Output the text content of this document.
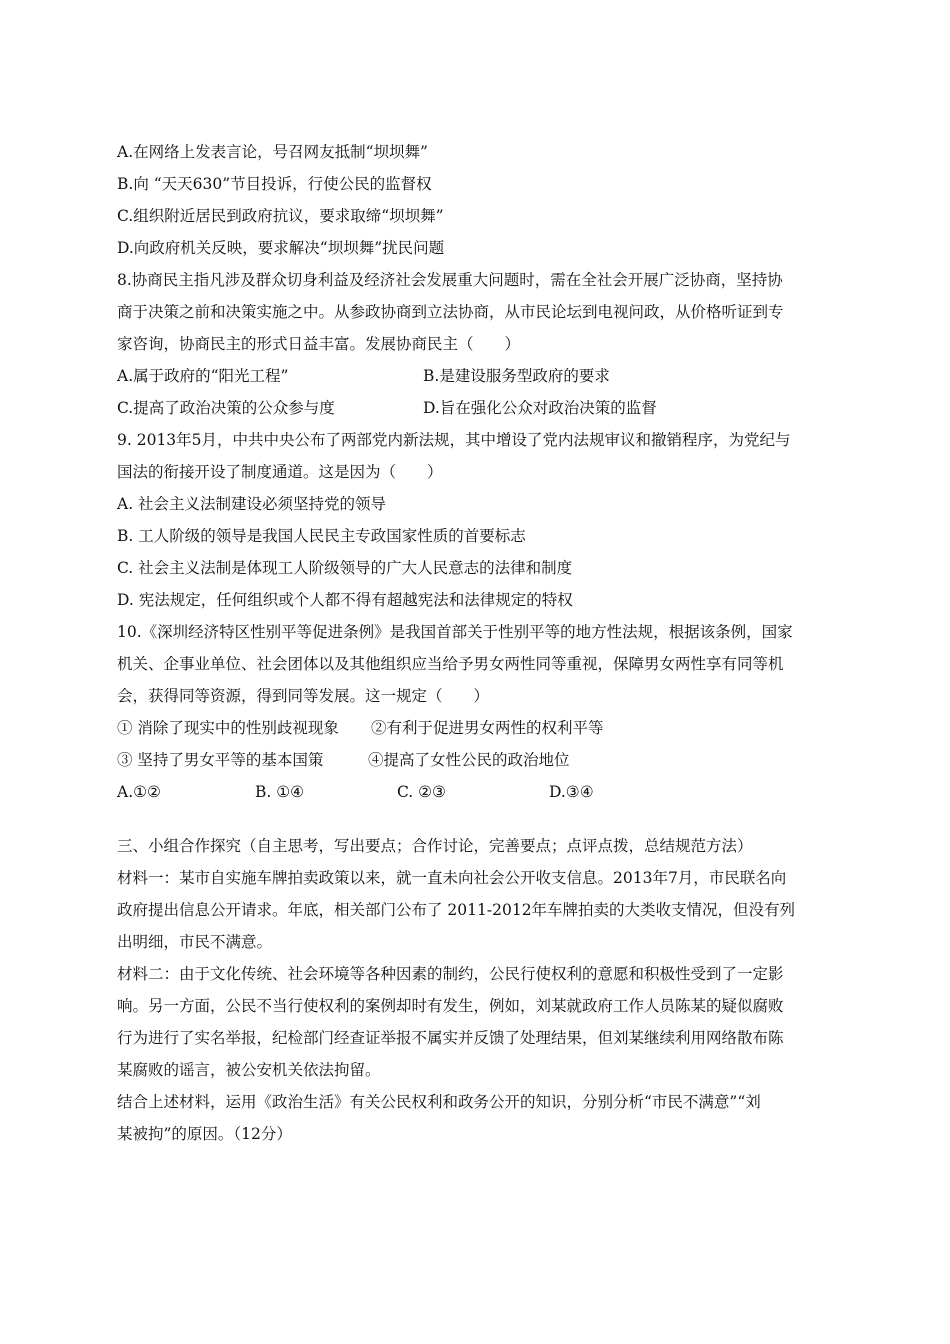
A.在网络上发表言论，号召网友抵制“坝坝舞”
B.向 “天天630”节目投诉，行使公民的监督权
C.组织附近居民到政府抗议，要求取缔“坝坝舞”
D.向政府机关反映，要求解决“坝坝舞”扰民问题
8.协商民主指凡涉及群众切身利益及经济社会发展重大问题时，需在全社会开展广泛协商，坚持协
商于决策之前和决策实施之中。从参政协商到立法协商，从市民论坛到电视问政，从价格听证到专
家咨询，协商民主的形式日益丰富。发展协商民主（　　）
A.属于政府的“阳光工程”	B.是建设服务型政府的要求
C.提高了政治决策的公众参与度	D.旨在强化公众对政治决策的监督
9. 2013年5月，中共中央公布了两部党内新法规，其中增设了党内法规审议和撤销程序，为党纪与
国法的衔接开设了制度通道。这是因为（　　）
A. 社会主义法制建设必须坚持党的领导
B. 工人阶级的领导是我国人民民主专政国家性质的首要标志
C. 社会主义法制是体现工人阶级领导的广大人民意志的法律和制度
D. 宪法规定，任何组织或个人都不得有超越宪法和法律规定的特权
10.《深圳经济特区性别平等促进条例》是我国首部关于性别平等的地方性法规，根据该条例，国家
机关、企事业单位、社会团体以及其他组织应当给予男女两性同等重视，保障男女两性享有同等机
会，获得同等资源，得到同等发展。这一规定（　　）
① 消除了现实中的性别歧视现象 ②有利于促进男女两性的权利平等
③ 坚持了男女平等的基本国策	④提高了女性公民的政治地位
A.①②	B. ①④	C. ②③	D.③④
三、小组合作探究（自主思考，写出要点；合作讨论，完善要点；点评点拨，总结规范方法）
材料一：某市自实施车牌拍卖政策以来，就一直未向社会公开收支信息。2013年7月，市民联名向
政府提出信息公开请求。年底，相关部门公布了 2011-2012年车牌拍卖的大类收支情况，但没有列
出明细，市民不满意。
材料二：由于文化传统、社会环境等各种因素的制约，公民行使权利的意愿和积极性受到了一定影
响。另一方面，公民不当行使权利的案例却时有发生，例如，刘某就政府工作人员陈某的疑似腐败
行为进行了实名举报，纪检部门经查证举报不属实并反馈了处理结果，但刘某继续利用网络散布陈
某腐败的谣言，被公安机关依法拘留。
结合上述材料，运用《政治生活》有关公民权利和政务公开的知识，分别分析“市民不满意”“刘
某被拘”的原因。（12分）
